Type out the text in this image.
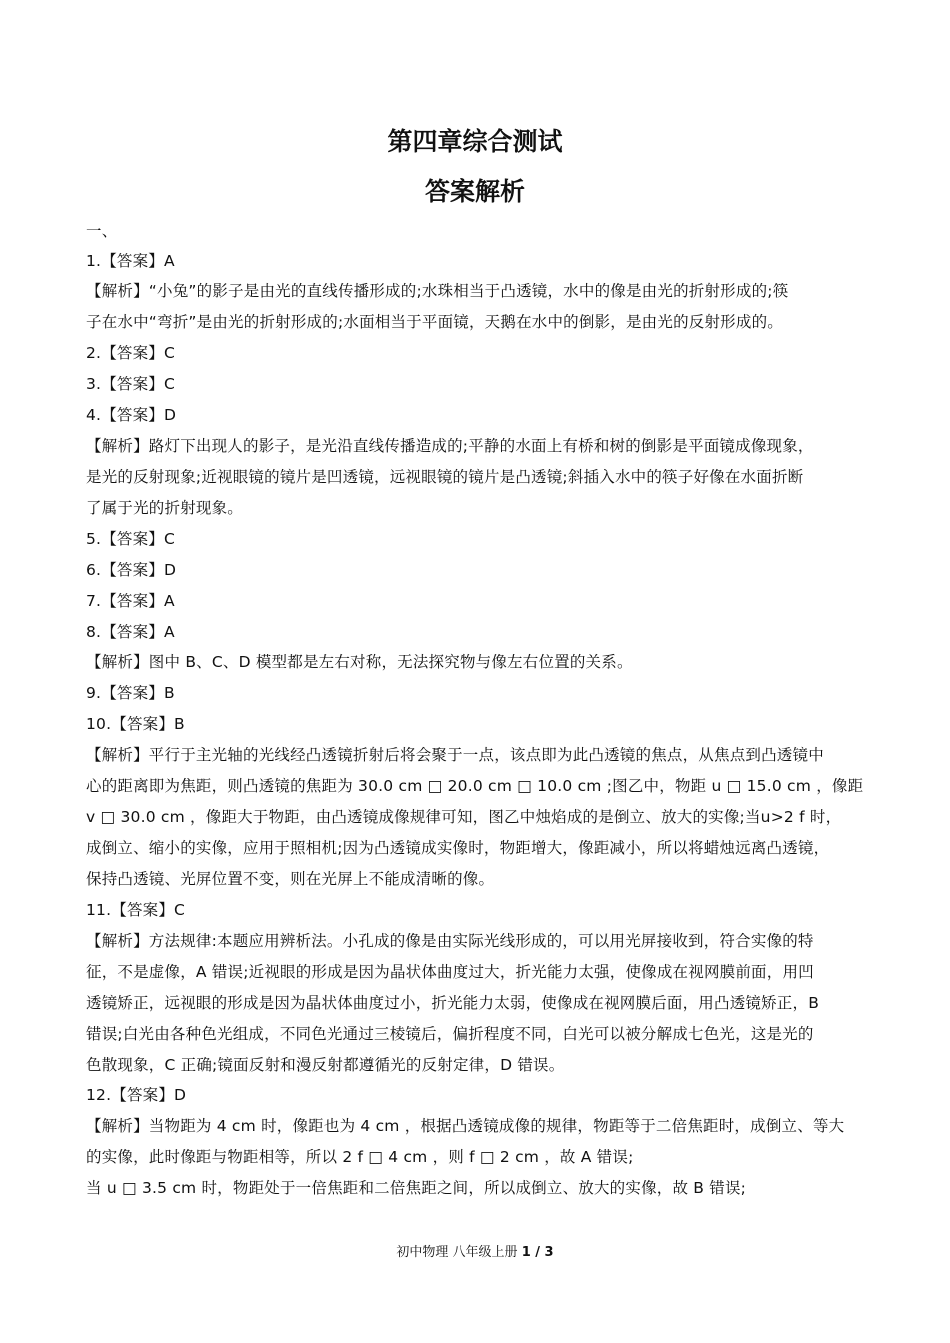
第四章综合测试
答案解析
一、
1.【答案】A
【解析】“小兔”的影子是由光的直线传播形成的;水珠相当于凸透镜，水中的像是由光的折射形成的;筷
子在水中“弯折”是由光的折射形成的;水面相当于平面镜，天鹅在水中的倒影，是由光的反射形成的。
2.【答案】C
3.【答案】C
4.【答案】D
【解析】路灯下出现人的影子，是光沿直线传播造成的;平静的水面上有桥和树的倒影是平面镜成像现象，
是光的反射现象;近视眼镜的镜片是凹透镜，远视眼镜的镜片是凸透镜;斜插入水中的筷子好像在水面折断
了属于光的折射现象。
5.【答案】C
6.【答案】D
7.【答案】A
8.【答案】A
【解析】图中 B、C、D 模型都是左右对称，无法探究物与像左右位置的关系。
9.【答案】B
10.【答案】B
【解析】平行于主光轴的光线经凸透镜折射后将会聚于一点，该点即为此凸透镜的焦点，从焦点到凸透镜中
心的距离即为焦距，则凸透镜的焦距为 30.0 cm □ 20.0 cm □ 10.0 cm ;图乙中，物距 u □ 15.0 cm ，像距
v □ 30.0 cm ，像距大于物距，由凸透镜成像规律可知，图乙中烛焰成的是倒立、放大的实像;当u>2 f 时，
成倒立、缩小的实像，应用于照相机;因为凸透镜成实像时，物距增大，像距减小，所以将蜡烛远离凸透镜，
保持凸透镜、光屏位置不变，则在光屏上不能成清晰的像。
11.【答案】C
【解析】方法规律:本题应用辨析法。小孔成的像是由实际光线形成的，可以用光屏接收到，符合实像的特
征，不是虚像，A 错误;近视眼的形成是因为晶状体曲度过大，折光能力太强，使像成在视网膜前面，用凹
透镜矫正，远视眼的形成是因为晶状体曲度过小，折光能力太弱，使像成在视网膜后面，用凸透镜矫正，B
错误;白光由各种色光组成，不同色光通过三棱镜后，偏折程度不同，白光可以被分解成七色光，这是光的
色散现象，C 正确;镜面反射和漫反射都遵循光的反射定律，D 错误。
12.【答案】D
【解析】当物距为 4 cm 时，像距也为 4 cm ，根据凸透镜成像的规律，物距等于二倍焦距时，成倒立、等大
的实像，此时像距与物距相等，所以 2 f □ 4 cm ，则 f □ 2 cm ，故 A 错误;
当 u □ 3.5 cm 时，物距处于一倍焦距和二倍焦距之间，所以成倒立、放大的实像，故 B 错误;
初中物理 八年级上册 1 / 3
